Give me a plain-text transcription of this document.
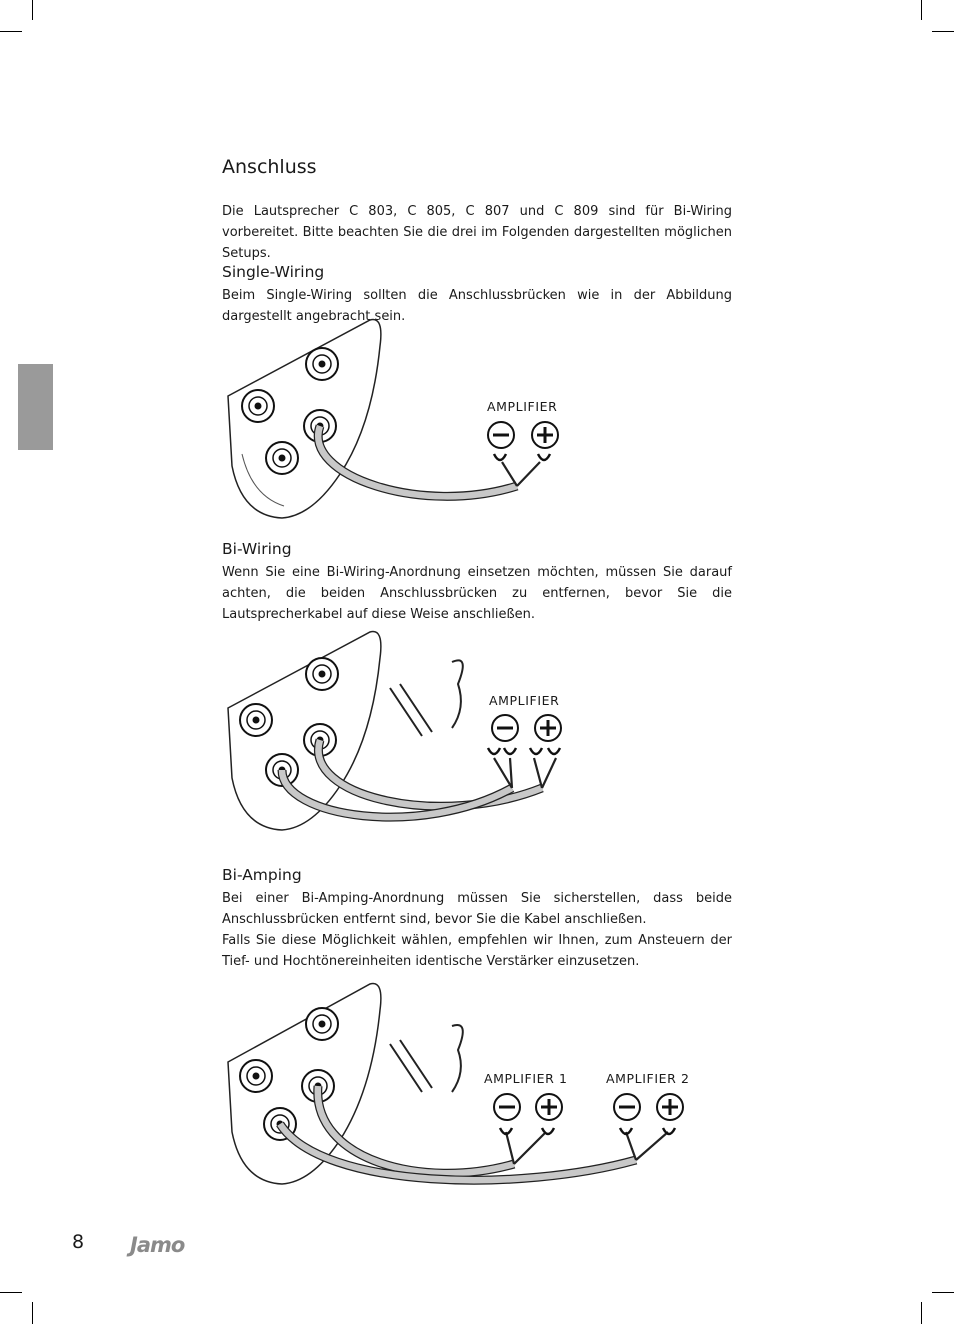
Anschluss

Die Lautsprecher C 803, C 805, C 807 und C 809 sind für Bi-Wiring vorbereitet. Bitte beachten Sie die drei im Folgenden dargestellten möglichen Setups.

Single-Wiring

Beim Single-Wiring sollten die Anschlussbrücken wie in der Abbildung dargestellt angebracht sein.

AMPLIFIER
Bi-Wiring

Wenn Sie eine Bi-Wiring-Anordnung einsetzen möchten, müssen Sie darauf achten, die beiden Anschlussbrücken zu entfernen, bevor Sie die Lautsprecherkabel auf diese Weise anschließen.

AMPLIFIER
Bi-Amping

Bei einer Bi-Amping-Anordnung müssen Sie sicherstellen, dass beide Anschlussbrücken entfernt sind, bevor Sie die Kabel anschließen.

Falls Sie diese Möglichkeit wählen, empfehlen wir Ihnen, zum Ansteuern der Tief- und Hochtönereinheiten identische Verstärker einzusetzen.

AMPLIFIER 1	AMPLIFIER 2
8 Jamo
